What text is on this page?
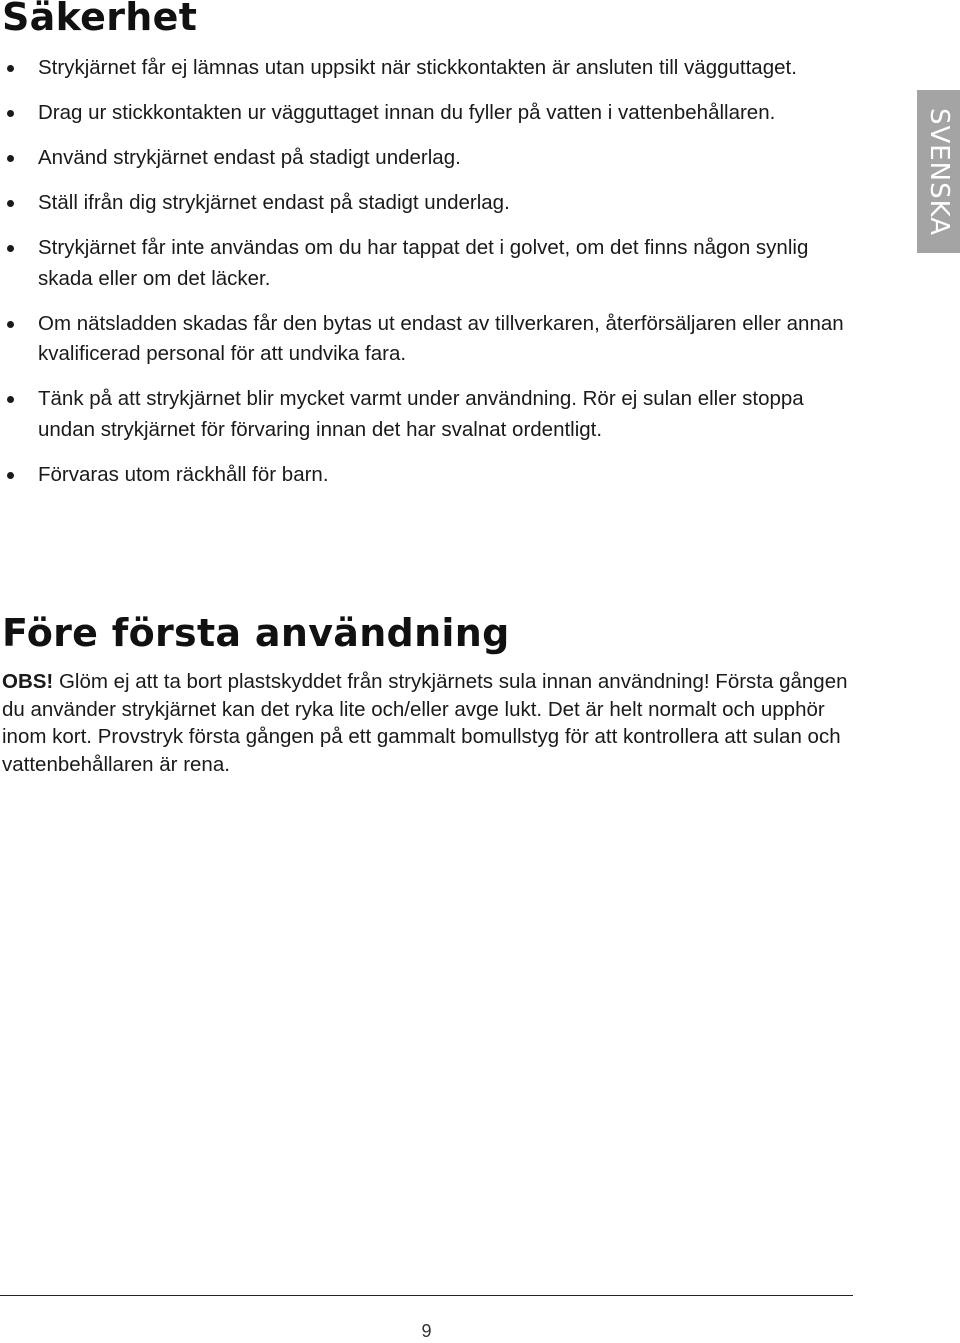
Säkerhet
Strykjärnet får ej lämnas utan uppsikt när stickkontakten är ansluten till vägguttaget.
Drag ur stickkontakten ur vägguttaget innan du fyller på vatten i vattenbehållaren.
Använd strykjärnet endast på stadigt underlag.
Ställ ifrån dig strykjärnet endast på stadigt underlag.
Strykjärnet får inte användas om du har tappat det i golvet, om det finns någon synlig skada eller om det läcker.
Om nätsladden skadas får den bytas ut endast av tillverkaren, återförsäljaren eller annan kvalificerad personal för att undvika fara.
Tänk på att strykjärnet blir mycket varmt under användning. Rör ej sulan eller stoppa undan strykjärnet för förvaring innan det har svalnat ordentligt.
Förvaras utom räckhåll för barn.
Före första användning

OBS! Glöm ej att ta bort plastskyddet från strykjärnets sula innan användning! Första gången du använder strykjärnet kan det ryka lite och/eller avge lukt. Det är helt normalt och upphör inom kort. Provstryk första gången på ett gammalt bomullstyg för att kontrollera att sulan och vattenbehållaren är rena.

SVENSKA
9
